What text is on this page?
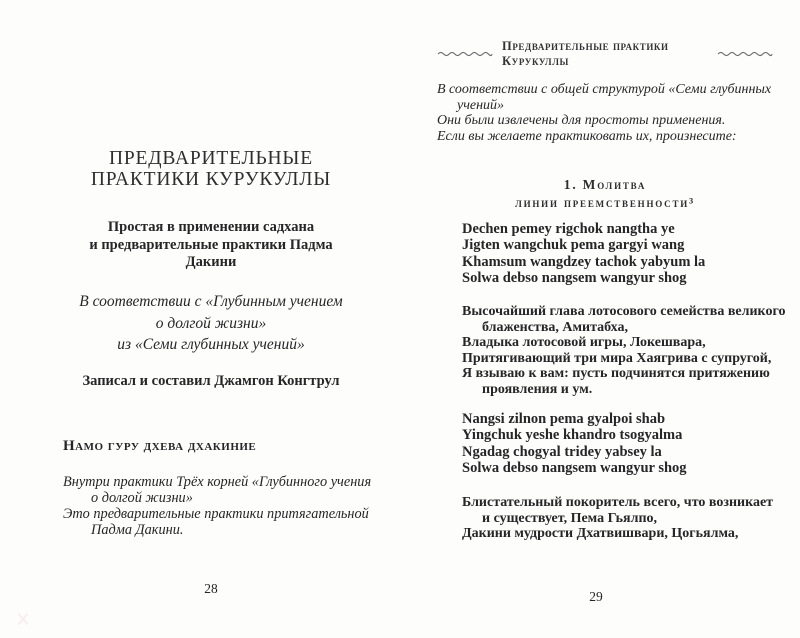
ПРЕДВАРИТЕЛЬНЫЕ
ПРАКТИКИ КУРУКУЛЛЫ
Простая в применении садхана
и предварительные практики Падма
Дакини
В соответствии с «Глубинным учением
о долгой жизни»
из «Семи глубинных учений»
Записал и составил Джамгон Конгтрул
Намо гуру дхева дхакиние
Внутри практики Трёх корней «Глубинного учения
о долгой жизни»
Это предварительные практики притягательной
Падма Дакини.
28
Предварительные практики Курукуллы
В соответствии с общей структурой «Семи глубинных
учений»
Они были извлечены для простоты применения.
Если вы желаете практиковать их, произнесите:
1. Молитва
линии преемственности³
Dechen pemey rigchok nangtha ye
Jigten wangchuk pema gargyi wang
Khamsum wangdzey tachok yabyum la
Solwa debso nangsem wangyur shog
Высочайший глава лотосового семейства великого
блаженства, Амитабха,
Владыка лотосовой игры, Локешвара,
Притягивающий три мира Хаягрива с супругой,
Я взываю к вам: пусть подчинятся притяжению
проявления и ум.
Nangsi zilnon pema gyalpoi shab
Yingchuk yeshe khandro tsogyalma
Ngadag chogyal tridey yabsey la
Solwa debso nangsem wangyur shog
Блистательный покоритель всего, что возникает
и существует, Пема Гьялпо,
Дакини мудрости Дхатвишвари, Цогьялма,
29
